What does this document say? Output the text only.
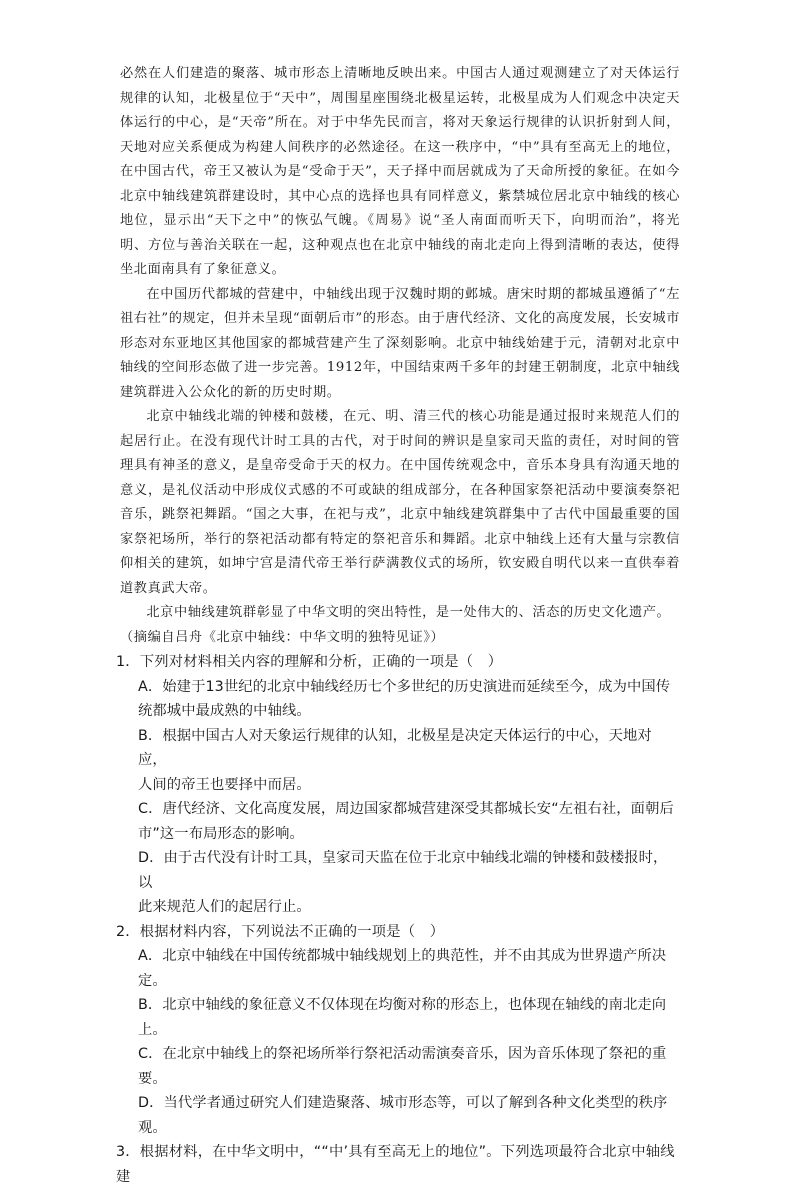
必然在人们建造的聚落、城市形态上清晰地反映出来。中国古人通过观测建立了对天体运行规律的认知，北极星位于“天中”，周围星座围绕北极星运转，北极星成为人们观念中决定天体运行的中心，是“天帝”所在。对于中华先民而言，将对天象运行规律的认识折射到人间，天地对应关系便成为构建人间秩序的必然途径。在这一秩序中，“中”具有至高无上的地位，在中国古代，帝王又被认为是“受命于天”，天子择中而居就成为了天命所授的象征。在如今北京中轴线建筑群建设时，其中心点的选择也具有同样意义，紫禁城位居北京中轴线的核心地位，显示出“天下之中”的恢弘气魄。《周易》说“圣人南面而听天下，向明而治”，将光明、方位与善治关联在一起，这种观点也在北京中轴线的南北走向上得到清晰的表达，使得坐北面南具有了象征意义。

在中国历代都城的营建中，中轴线出现于汉魏时期的邺城。唐宋时期的都城虽遵循了“左祖右社”的规定，但并未呈现“面朝后市”的形态。由于唐代经济、文化的高度发展，长安城市形态对东亚地区其他国家的都城营建产生了深刻影响。北京中轴线始建于元，清朝对北京中轴线的空间形态做了进一步完善。1912年，中国结束两千多年的封建王朝制度，北京中轴线建筑群进入公众化的新的历史时期。

北京中轴线北端的钟楼和鼓楼，在元、明、清三代的核心功能是通过报时来规范人们的起居行止。在没有现代计时工具的古代，对于时间的辨识是皇家司天监的责任，对时间的管理具有神圣的意义，是皇帝受命于天的权力。在中国传统观念中，音乐本身具有沟通天地的意义，是礼仪活动中形成仪式感的不可或缺的组成部分，在各种国家祭祀活动中要演奏祭祀音乐，跳祭祀舞蹈。“国之大事，在祀与戎”，北京中轴线建筑群集中了古代中国最重要的国家祭祀场所，举行的祭祀活动都有特定的祭祀音乐和舞蹈。北京中轴线上还有大量与宗教信仰相关的建筑，如坤宁宫是清代帝王举行萨满教仪式的场所，钦安殿自明代以来一直供奉着道教真武大帝。

北京中轴线建筑群彰显了中华文明的突出特性，是一处伟大的、活态的历史文化遗产。

（摘编自吕舟《北京中轴线：中华文明的独特见证》）

1．下列对材料相关内容的理解和分析，正确的一项是（　）
A．始建于13世纪的北京中轴线经历七个多世纪的历史演进而延续至今，成为中国传
统都城中最成熟的中轴线。
B．根据中国古人对天象运行规律的认知，北极星是决定天体运行的中心，天地对应，
人间的帝王也要择中而居。
C．唐代经济、文化高度发展，周边国家都城营建深受其都城长安“左祖右社，面朝后
市”这一布局形态的影响。
D．由于古代没有计时工具，皇家司天监在位于北京中轴线北端的钟楼和鼓楼报时，以
此来规范人们的起居行止。
2．根据材料内容，下列说法不正确的一项是（　）
A．北京中轴线在中国传统都城中轴线规划上的典范性，并不由其成为世界遗产所决定。
B．北京中轴线的象征意义不仅体现在均衡对称的形态上，也体现在轴线的南北走向上。
C．在北京中轴线上的祭祀场所举行祭祀活动需演奏音乐，因为音乐体现了祭祀的重要。
D．当代学者通过研究人们建造聚落、城市形态等，可以了解到各种文化类型的秩序观。
3．根据材料，在中华文明中，““中’具有至高无上的地位”。下列选项最符合北京中轴线建
